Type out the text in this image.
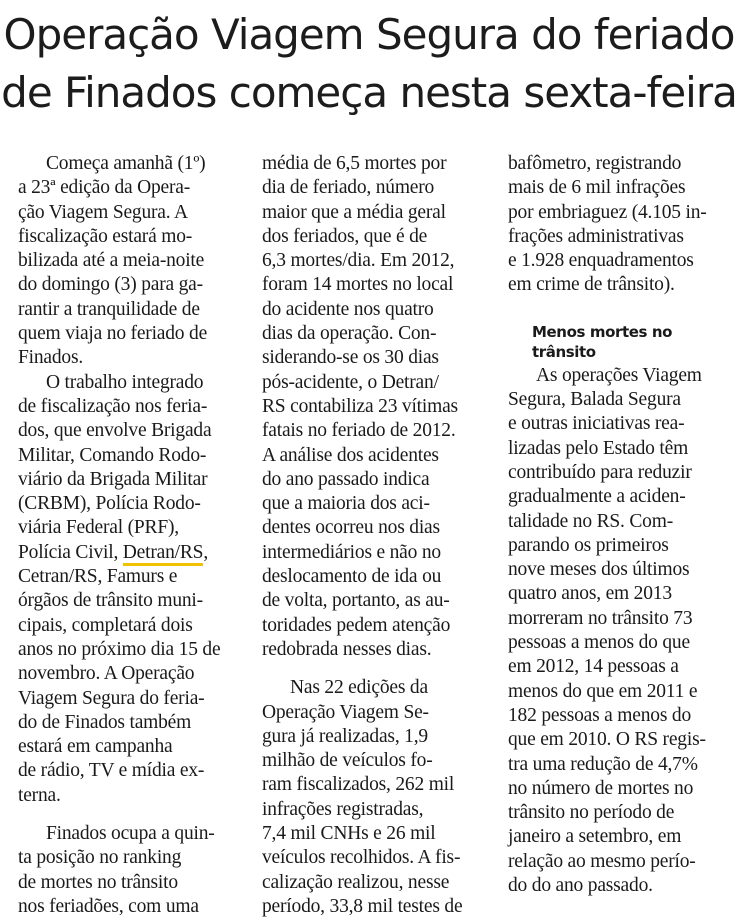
Operação Viagem Segura do feriado
de Finados começa nesta sexta-feira

Começa amanhã (1º)
a 23ª edição da Opera-
ção Viagem Segura. A
fiscalização estará mo-
bilizada até a meia-noite
do domingo (3) para ga-
rantir a tranquilidade de
quem viaja no feriado de
Finados.

O trabalho integrado
de fiscalização nos feria-
dos, que envolve Brigada
Militar, Comando Rodo-
viário da Brigada Militar
(CRBM), Polícia Rodo-
viária Federal (PRF),
Polícia Civil, Detran/RS,
Cetran/RS, Famurs e
órgãos de trânsito muni-
cipais, completará dois
anos no próximo dia 15 de
novembro. A Operação
Viagem Segura do feria-
do de Finados também
estará em campanha
de rádio, TV e mídia ex-
terna.

Finados ocupa a quin-
ta posição no ranking
de mortes no trânsito
nos feriadões, com uma

média de 6,5 mortes por
dia de feriado, número
maior que a média geral
dos feriados, que é de
6,3 mortes/dia. Em 2012,
foram 14 mortes no local
do acidente nos quatro
dias da operação. Con-
siderando-se os 30 dias
pós-acidente, o Detran/
RS contabiliza 23 vítimas
fatais no feriado de 2012.
A análise dos acidentes
do ano passado indica
que a maioria dos aci-
dentes ocorreu nos dias
intermediários e não no
deslocamento de ida ou
de volta, portanto, as au-
toridades pedem atenção
redobrada nesses dias.

Nas 22 edições da
Operação Viagem Se-
gura já realizadas, 1,9
milhão de veículos fo-
ram fiscalizados, 262 mil
infrações registradas,
7,4 mil CNHs e 26 mil
veículos recolhidos. A fis-
calização realizou, nesse
período, 33,8 mil testes de

bafômetro, registrando
mais de 6 mil infrações
por embriaguez (4.105 in-
frações administrativas
e 1.928 enquadramentos
em crime de trânsito).

Menos mortes no trânsito

As operações Viagem
Segura, Balada Segura
e outras iniciativas rea-
lizadas pelo Estado têm
contribuído para reduzir
gradualmente a aciden-
talidade no RS. Com-
parando os primeiros
nove meses dos últimos
quatro anos, em 2013
morreram no trânsito 73
pessoas a menos do que
em 2012, 14 pessoas a
menos do que em 2011 e
182 pessoas a menos do
que em 2010. O RS regis-
tra uma redução de 4,7%
no número de mortes no
trânsito no período de
janeiro a setembro, em
relação ao mesmo perío-
do do ano passado.
